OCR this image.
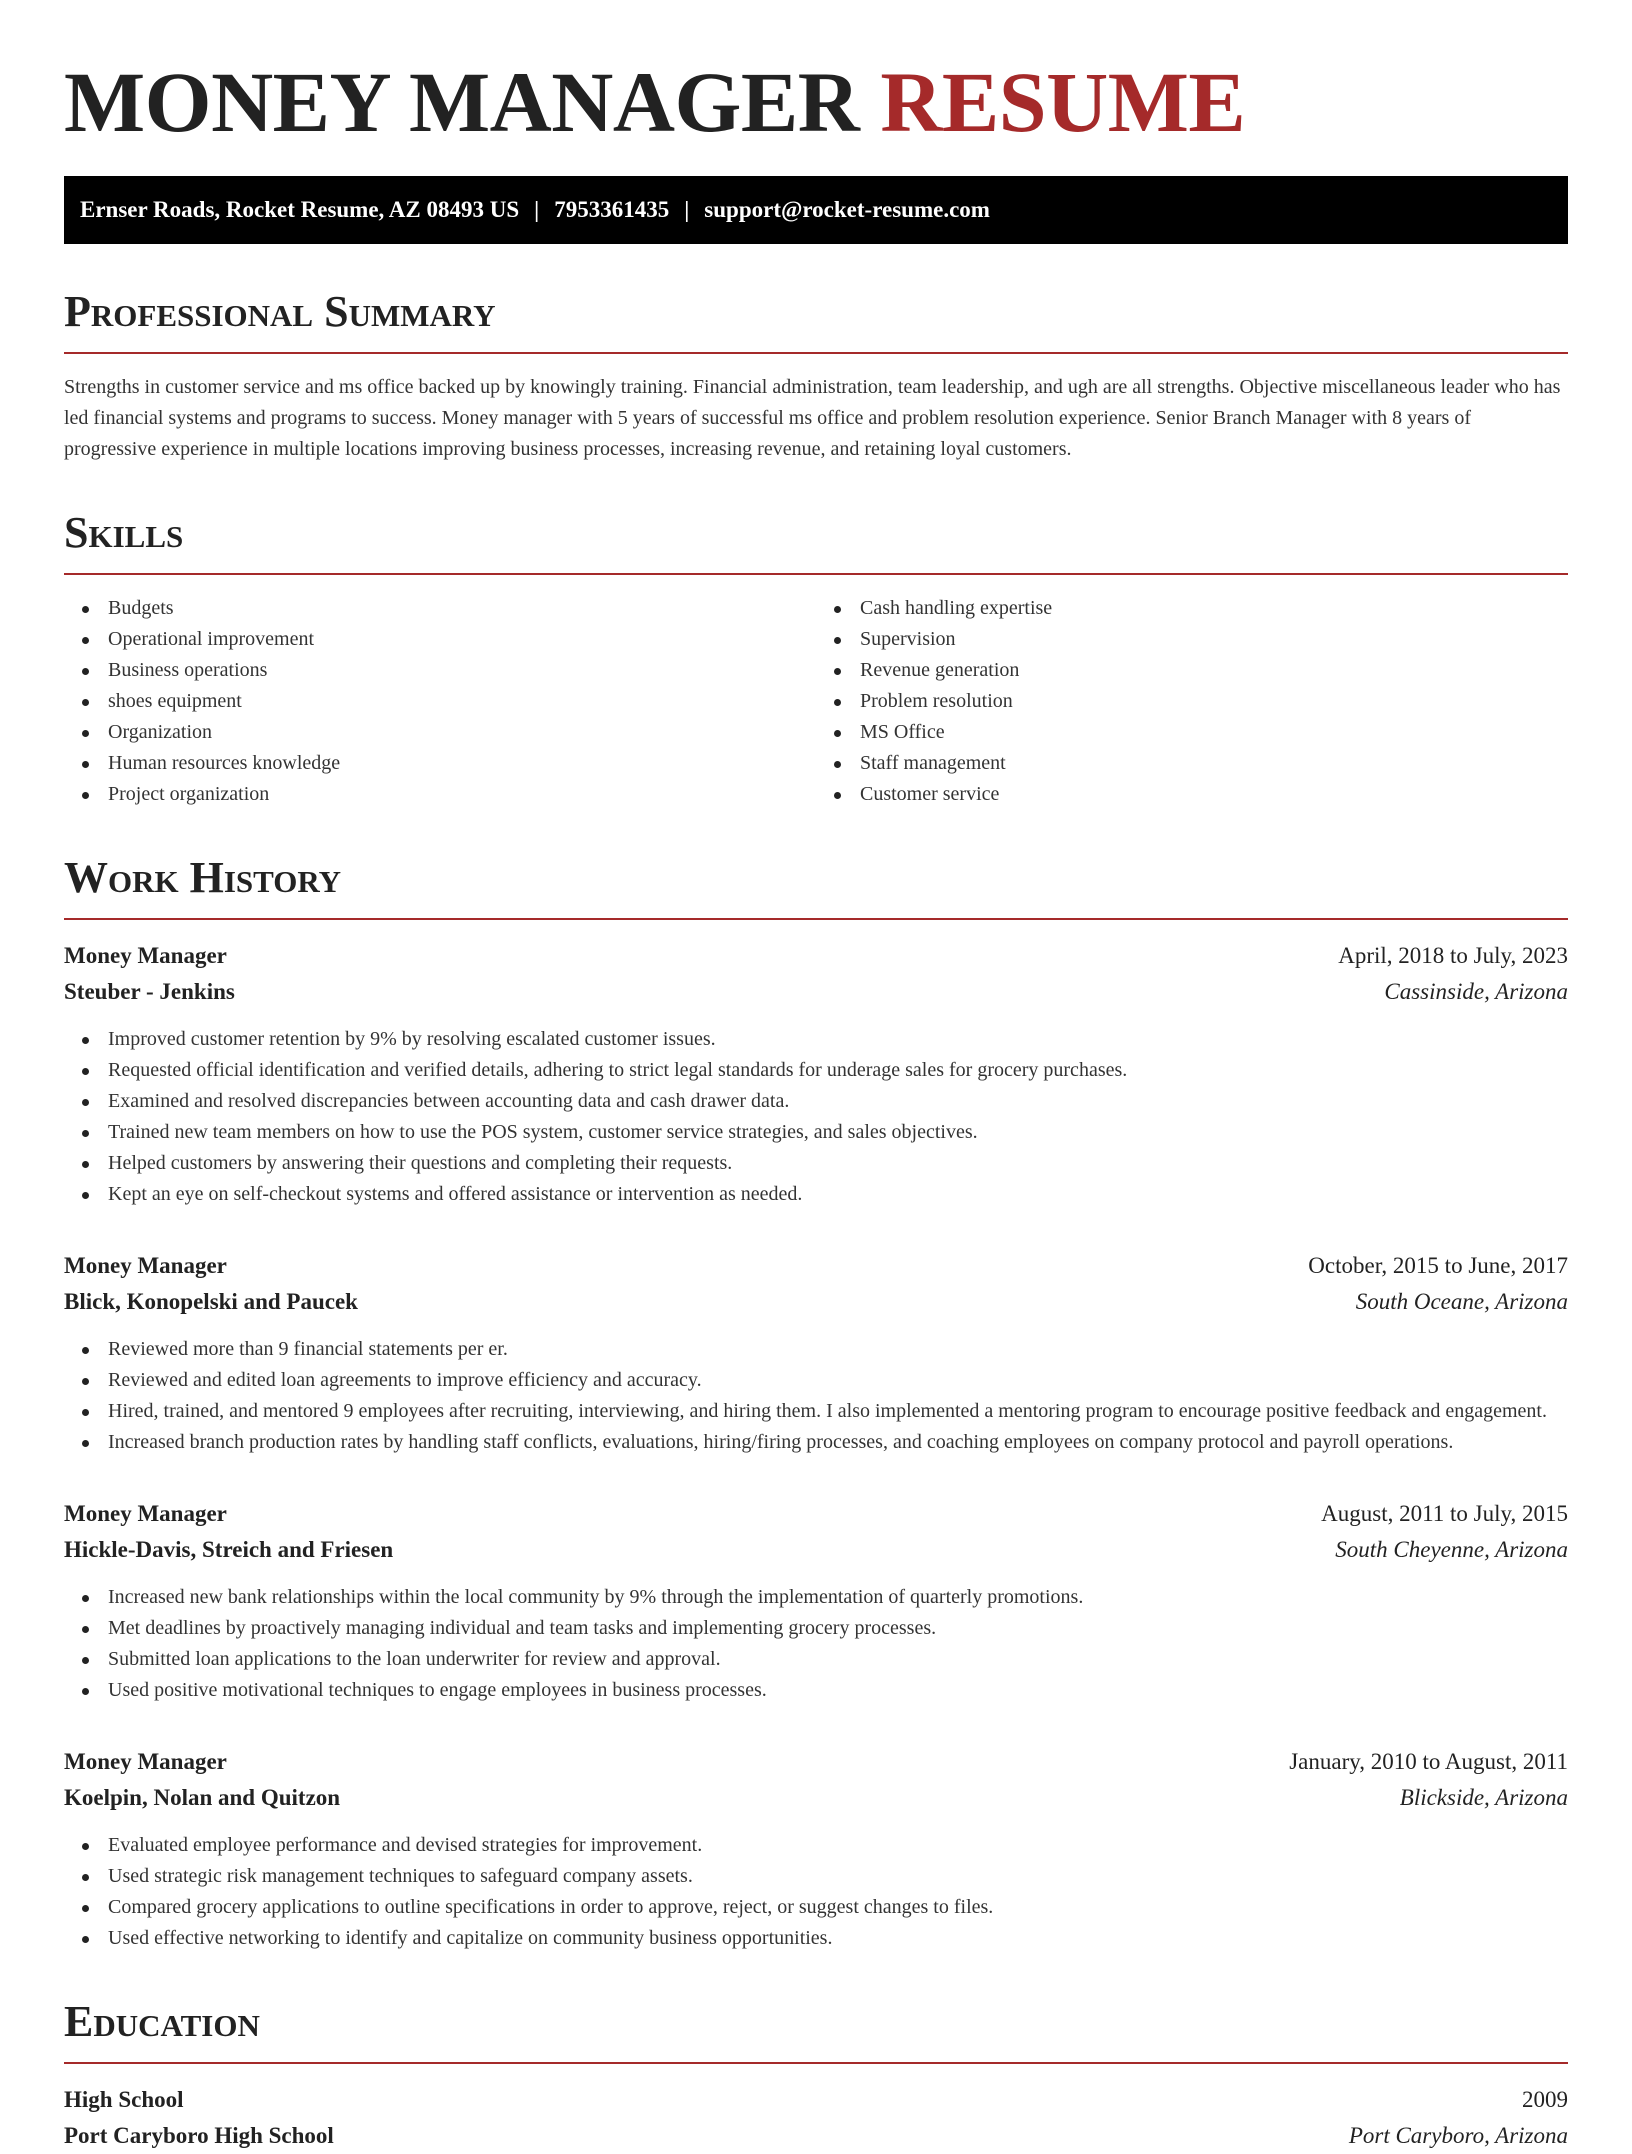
MONEY MANAGER RESUME
Ernser Roads, Rocket Resume, AZ 08493 US | 7953361435 | support@rocket-resume.com
Professional Summary

Strengths in customer service and ms office backed up by knowingly training. Financial administration, team leadership, and ugh are all strengths. Objective miscellaneous leader who has led financial systems and programs to success. Money manager with 5 years of successful ms office and problem resolution experience. Senior Branch Manager with 8 years of progressive experience in multiple locations improving business processes, increasing revenue, and retaining loyal customers.

Skills
Budgets
Operational improvement
Business operations
shoes equipment
Organization
Human resources knowledge
Project organization
Cash handling expertise
Supervision
Revenue generation
Problem resolution
MS Office
Staff management
Customer service
Work History
Money Manager	April, 2018 to July, 2023
Steuber - Jenkins	Cassinside, Arizona
Improved customer retention by 9% by resolving escalated customer issues.
Requested official identification and verified details, adhering to strict legal standards for underage sales for grocery purchases.
Examined and resolved discrepancies between accounting data and cash drawer data.
Trained new team members on how to use the POS system, customer service strategies, and sales objectives.
Helped customers by answering their questions and completing their requests.
Kept an eye on self-checkout systems and offered assistance or intervention as needed.
Money Manager	October, 2015 to June, 2017
Blick, Konopelski and Paucek	South Oceane, Arizona
Reviewed more than 9 financial statements per er.
Reviewed and edited loan agreements to improve efficiency and accuracy.
Hired, trained, and mentored 9 employees after recruiting, interviewing, and hiring them. I also implemented a mentoring program to encourage positive feedback and engagement.
Increased branch production rates by handling staff conflicts, evaluations, hiring/firing processes, and coaching employees on company protocol and payroll operations.
Money Manager	August, 2011 to July, 2015
Hickle-Davis, Streich and Friesen	South Cheyenne, Arizona
Increased new bank relationships within the local community by 9% through the implementation of quarterly promotions.
Met deadlines by proactively managing individual and team tasks and implementing grocery processes.
Submitted loan applications to the loan underwriter for review and approval.
Used positive motivational techniques to engage employees in business processes.
Money Manager	January, 2010 to August, 2011
Koelpin, Nolan and Quitzon	Blickside, Arizona
Evaluated employee performance and devised strategies for improvement.
Used strategic risk management techniques to safeguard company assets.
Compared grocery applications to outline specifications in order to approve, reject, or suggest changes to files.
Used effective networking to identify and capitalize on community business opportunities.
Education
High School	2009
Port Caryboro High School	Port Caryboro, Arizona
